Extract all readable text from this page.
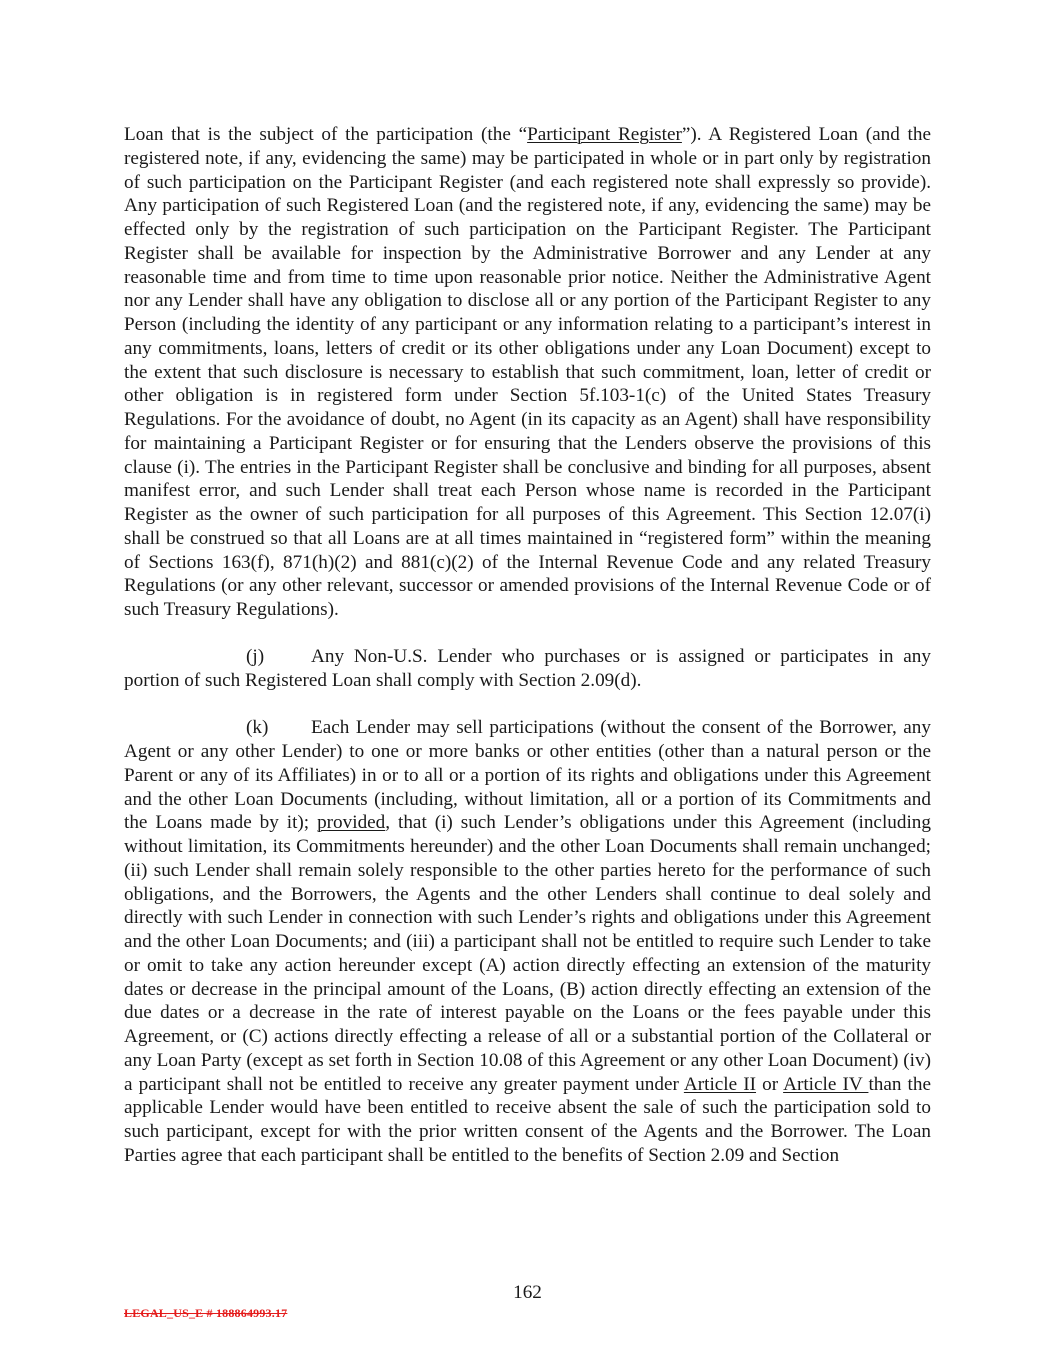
Loan that is the subject of the participation (the “Participant Register”). A Registered Loan (and the registered note, if any, evidencing the same) may be participated in whole or in part only by registration of such participation on the Participant Register (and each registered note shall expressly so provide). Any participation of such Registered Loan (and the registered note, if any, evidencing the same) may be effected only by the registration of such participation on the Participant Register. The Participant Register shall be available for inspection by the Administrative Borrower and any Lender at any reasonable time and from time to time upon reasonable prior notice. Neither the Administrative Agent nor any Lender shall have any obligation to disclose all or any portion of the Participant Register to any Person (including the identity of any participant or any information relating to a participant’s interest in any commitments, loans, letters of credit or its other obligations under any Loan Document) except to the extent that such disclosure is necessary to establish that such commitment, loan, letter of credit or other obligation is in registered form under Section 5f.103-1(c) of the United States Treasury Regulations. For the avoidance of doubt, no Agent (in its capacity as an Agent) shall have responsibility for maintaining a Participant Register or for ensuring that the Lenders observe the provisions of this clause (i). The entries in the Participant Register shall be conclusive and binding for all purposes, absent manifest error, and such Lender shall treat each Person whose name is recorded in the Participant Register as the owner of such participation for all purposes of this Agreement. This Section 12.07(i) shall be construed so that all Loans are at all times maintained in “registered form” within the meaning of Sections 163(f), 871(h)(2) and 881(c)(2) of the Internal Revenue Code and any related Treasury Regulations (or any other relevant, successor or amended provisions of the Internal Revenue Code or of such Treasury Regulations).

(j) Any Non-U.S. Lender who purchases or is assigned or participates in any portion of such Registered Loan shall comply with Section 2.09(d).

(k) Each Lender may sell participations (without the consent of the Borrower, any Agent or any other Lender) to one or more banks or other entities (other than a natural person or the Parent or any of its Affiliates) in or to all or a portion of its rights and obligations under this Agreement and the other Loan Documents (including, without limitation, all or a portion of its Commitments and the Loans made by it); provided, that (i) such Lender’s obligations under this Agreement (including without limitation, its Commitments hereunder) and the other Loan Documents shall remain unchanged; (ii) such Lender shall remain solely responsible to the other parties hereto for the performance of such obligations, and the Borrowers, the Agents and the other Lenders shall continue to deal solely and directly with such Lender in connection with such Lender’s rights and obligations under this Agreement and the other Loan Documents; and (iii) a participant shall not be entitled to require such Lender to take or omit to take any action hereunder except (A) action directly effecting an extension of the maturity dates or decrease in the principal amount of the Loans, (B) action directly effecting an extension of the due dates or a decrease in the rate of interest payable on the Loans or the fees payable under this Agreement, or (C) actions directly effecting a release of all or a substantial portion of the Collateral or any Loan Party (except as set forth in Section 10.08 of this Agreement or any other Loan Document) (iv) a participant shall not be entitled to receive any greater payment under Article II or Article IV than the applicable Lender would have been entitled to receive absent the sale of such the participation sold to such participant, except for with the prior written consent of the Agents and the Borrower. The Loan Parties agree that each participant shall be entitled to the benefits of Section 2.09 and Section

162
LEGAL_US_E # 188864993.17
